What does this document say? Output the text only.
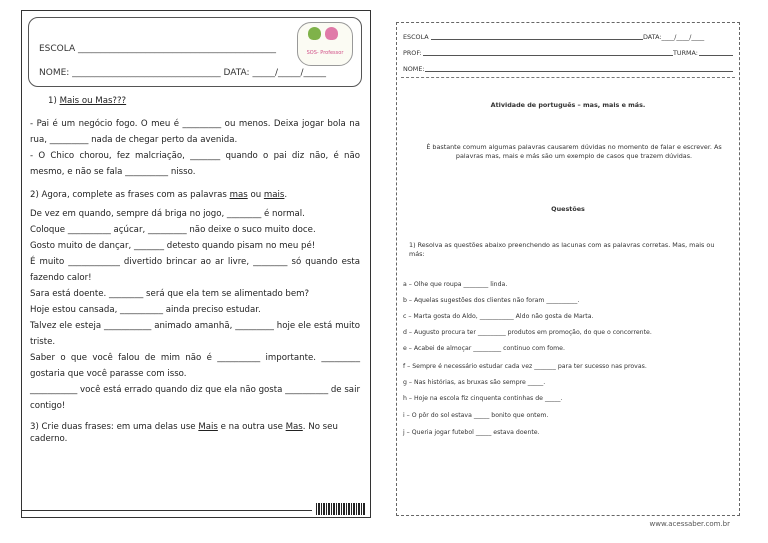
ESCOLA ____________________________________________
NOME: _________________________________ DATA: _____/_____/_____
SOS- Professor

1) Mais ou Mas???

- Pai é um negócio fogo. O meu é _________ ou menos. Deixa jogar bola na rua, _________ nada de chegar perto da avenida.

- O Chico chorou, fez malcriação, _______ quando o pai diz não, é não mesmo, e não se fala __________ nisso.

2) Agora, complete as frases com as palavras mas ou mais.

De vez em quando, sempre dá briga no jogo, ________ é normal.

Coloque __________ açúcar, _________ não deixe o suco muito doce.

Gosto muito de dançar, _______ detesto quando pisam no meu pé!

É muito ____________ divertido brincar ao ar livre, ________ só quando esta fazendo calor!

Sara está doente. ________ será que ela tem se alimentado bem?

Hoje estou cansada, __________ ainda preciso estudar.

Talvez ele esteja ___________ animado amanhã, _________ hoje ele está muito triste.

Saber o que você falou de mim não é __________ importante. _________ gostaria que você parasse com isso.

___________ você está errado quando diz que ela não gosta __________ de sair contigo!

3) Crie duas frases: em uma delas use Mais e na outra use Mas. No seu caderno.

ESCOLA	DATA:____/____/____
PROF:	TURMA:
NOME:
Atividade de português – mas, mais e más.
É bastante comum algumas palavras causarem dúvidas no momento de falar e escrever. As palavras mas, mais e más são um exemplo de casos que trazem dúvidas.
Questões
1) Resolva as questões abaixo preenchendo as lacunas com as palavras corretas. Mas, mais ou más:
a – Olhe que roupa ________ linda.
b – Aquelas sugestões dos clientes não foram __________.
c – Marta gosta do Aldo, ___________ Aldo não gosta de Marta.
d – Augusto procura ter _________ produtos em promoção, do que o concorrente.
e – Acabei de almoçar _________ continuo com fome.
f – Sempre é necessário estudar cada vez _______ para ter sucesso nas provas.
g – Nas histórias, as bruxas são sempre _____.
h – Hoje na escola fiz cinquenta continhas de _____.
i – O pôr do sol estava _____ bonito que ontem.
j – Queria jogar futebol _____ estava doente.
www.acessaber.com.br
